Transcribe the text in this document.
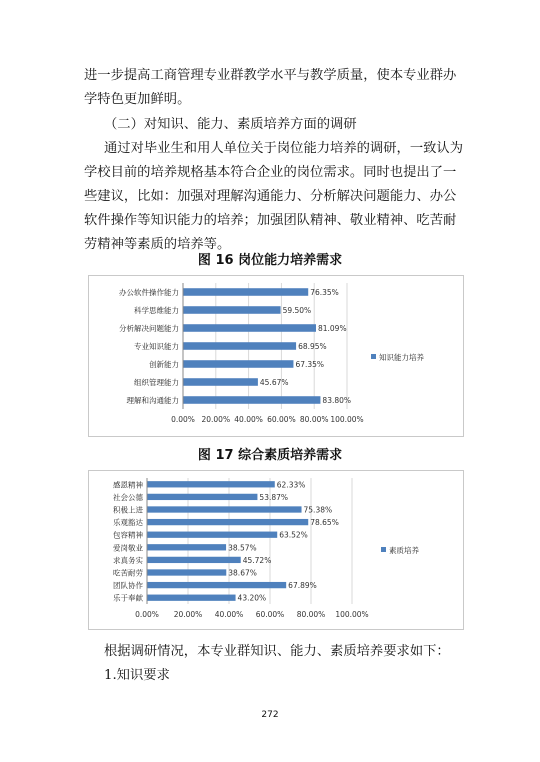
进一步提高工商管理专业群教学水平与教学质量，使本专业群办学特色更加鲜明。

（二）对知识、能力、素质培养方面的调研

通过对毕业生和用人单位关于岗位能力培养的调研，一致认为学校目前的培养规格基本符合企业的岗位需求。同时也提出了一些建议，比如：加强对理解沟通能力、分析解决问题能力、办公软件操作等知识能力的培养；加强团队精神、敬业精神、吃苦耐劳精神等素质的培养等。

图 16 岗位能力培养需求
0.00% 20.00% 40.00% 60.00% 80.00% 100.00%
办公软件操作能力	76.35%
科学思维能力	59.50%
分析解决问题能力	81.09%
专业知识能力	68.95%
创新能力	67.35%
组织管理能力	45.67%
理解和沟通能力	83.80%
知识能力培养
图 17 综合素质培养需求
0.00% 20.00% 40.00% 60.00% 80.00% 100.00%
感恩精神	62.33%
社会公德	53.87%
积极上进	75.38%
乐观豁达	78.65%
包容精神	63.52%
爱岗敬业	38.57%
求真务实	45.72%
吃苦耐劳	38.67%
团队协作	67.89%
乐于奉献	43.20%
素质培养

根据调研情况，本专业群知识、能力、素质培养要求如下：

1.知识要求

272
